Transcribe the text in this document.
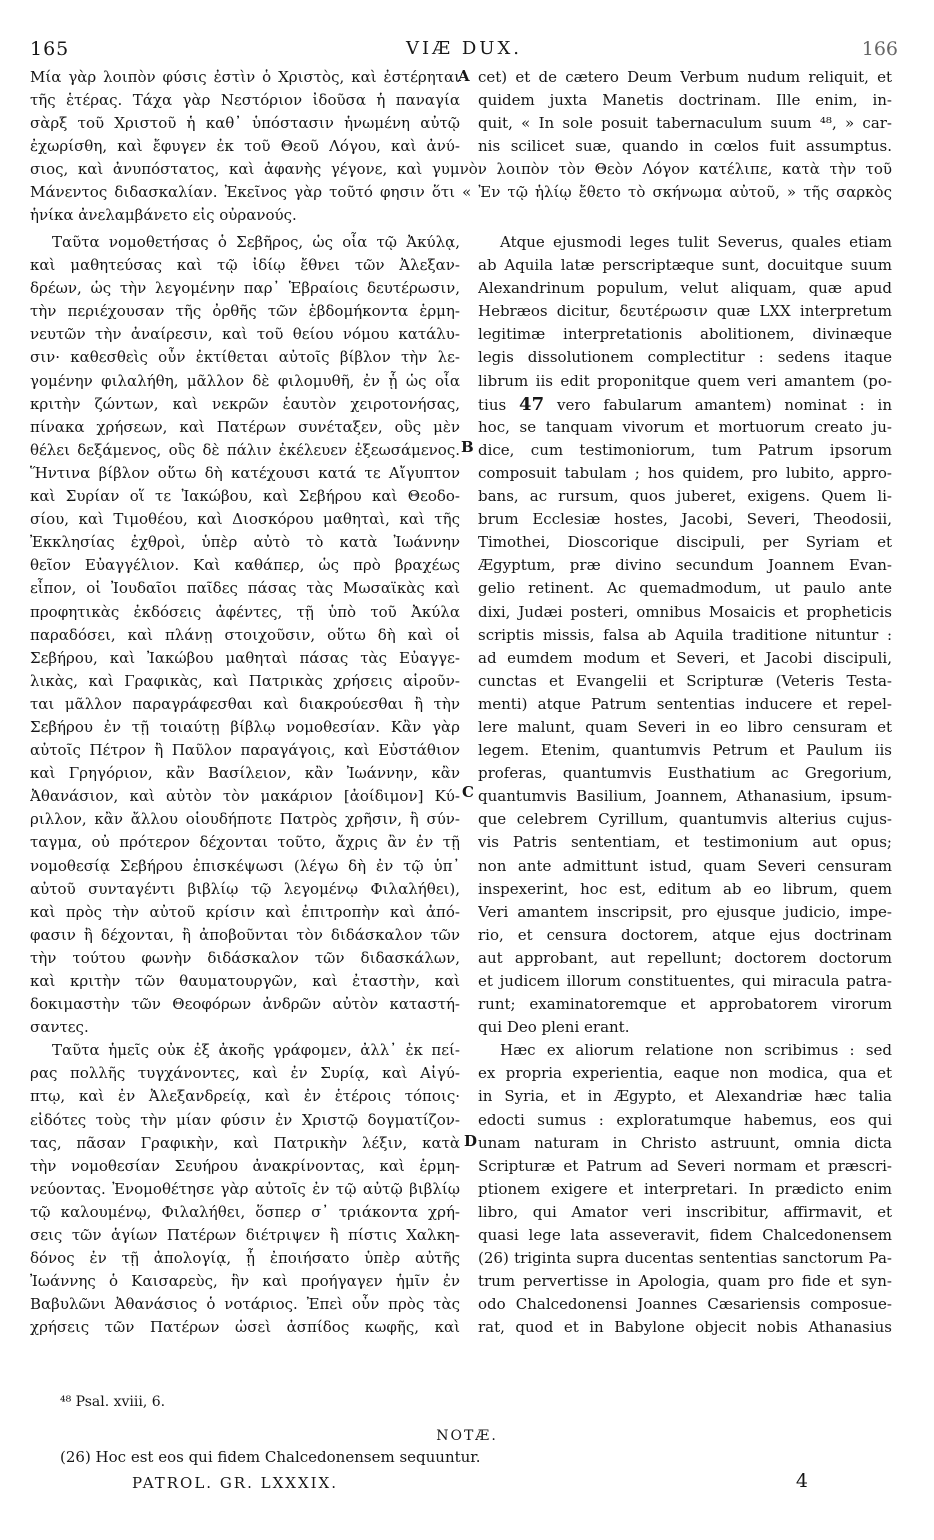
165	VIÆ DUX.	166
Μία γὰρ λοιπὸν φύσις ἐστὶν ὁ Χριστὸς, καὶ ἐστέρηται
τῆς ἑτέρας. Τάχα γὰρ Νεστόριον ἰδοῦσα ἡ παναγία
σὰρξ τοῦ Χριστοῦ ἡ καθ᾽ ὑπόστασιν ἡνωμένη αὐτῷ
ἐχωρίσθη, καὶ ἔφυγεν ἐκ τοῦ Θεοῦ Λόγου, καὶ ἀνύ-
cet) et de cætero Deum Verbum nudum reliquit, et
quidem juxta Manetis doctrinam. Ille enim, in-
quit, « In sole posuit tabernaculum suum ⁴⁸, » car-
nis scilicet suæ, quando in cœlos fuit assumptus.
A
B
C
D
σιος, καὶ ἀνυπόστατος, καὶ ἀφανὴς γέγονε, καὶ γυμνὸν λοιπὸν τὸν Θεὸν Λόγον κατέλιπε, κατὰ τὴν τοῦ
Μάνεντος διδασκαλίαν. Ἐκεῖνος γὰρ τοῦτό φησιν ὅτι « Ἐν τῷ ἡλίῳ ἔθετο τὸ σκήνωμα αὐτοῦ, » τῆς σαρκὸς
ἡνίκα ἀνελαμβάνετο εἰς οὐρανούς.
Ταῦτα νομοθετήσας ὁ Σεβῆρος, ὡς οἷα τῷ Ἀκύλᾳ,
καὶ μαθητεύσας καὶ τῷ ἰδίῳ ἔθνει τῶν Ἀλεξαν-
δρέων, ὡς τὴν λεγομένην παρ᾽ Ἑβραίοις δευτέρωσιν,
τὴν περιέχουσαν τῆς ὀρθῆς τῶν ἑβδομήκοντα ἑρμη-
νευτῶν τὴν ἀναίρεσιν, καὶ τοῦ θείου νόμου κατάλυ-
σιν· καθεσθεὶς οὖν ἐκτίθεται αὐτοῖς βίβλον τὴν λε-
γομένην φιλαλήθη, μᾶλλον δὲ φιλομυθῆ, ἐν ᾗ ὡς οἷα
κριτὴν ζώντων, καὶ νεκρῶν ἑαυτὸν χειροτονήσας,
πίνακα χρήσεων, καὶ Πατέρων συνέταξεν, οὓς μὲν
θέλει δεξάμενος, οὓς δὲ πάλιν ἐκέλευεν ἐξεωσάμενος.
Ἥντινα βίβλον οὕτω δὴ κατέχουσι κατά τε Αἴγυπτον
καὶ Συρίαν οἵ τε Ἰακώβου, καὶ Σεβήρου καὶ Θεοδο-
σίου, καὶ Τιμοθέου, καὶ Διοσκόρου μαθηταὶ, καὶ τῆς
Ἐκκλησίας ἐχθροὶ, ὑπὲρ αὐτὸ τὸ κατὰ Ἰωάννην
θεῖον Εὐαγγέλιον. Καὶ καθάπερ, ὡς πρὸ βραχέως
εἶπον, οἱ Ἰουδαῖοι παῖδες πάσας τὰς Μωσαϊκὰς καὶ
προφητικὰς ἐκδόσεις ἀφέντες, τῇ ὑπὸ τοῦ Ἀκύλα
παραδόσει, καὶ πλάνῃ στοιχοῦσιν, οὕτω δὴ καὶ οἱ
Σεβήρου, καὶ Ἰακώβου μαθηταὶ πάσας τὰς Εὐαγγε-
λικὰς, καὶ Γραφικὰς, καὶ Πατρικὰς χρήσεις αἱροῦν-
ται μᾶλλον παραγράφεσθαι καὶ διακρούεσθαι ἢ τὴν
Σεβήρου ἐν τῇ τοιαύτῃ βίβλῳ νομοθεσίαν. Κἂν γὰρ
αὐτοῖς Πέτρον ἢ Παῦλον παραγάγοις, καὶ Εὐστάθιον
καὶ Γρηγόριον, κἂν Βασίλειον, κἂν Ἰωάννην, κἂν
Ἀθανάσιον, καὶ αὐτὸν τὸν μακάριον [ἀοίδιμον] Κύ-
ριλλον, κἂν ἄλλου οἱουδήποτε Πατρὸς χρῆσιν, ἢ σύν-
ταγμα, οὐ πρότερον δέχονται τοῦτο, ἄχρις ἂν ἐν τῇ
νομοθεσίᾳ Σεβήρου ἐπισκέψωσι (λέγω δὴ ἐν τῷ ὑπ᾽
αὐτοῦ συνταγέντι βιβλίῳ τῷ λεγομένῳ Φιλαλήθει),
καὶ πρὸς τὴν αὐτοῦ κρίσιν καὶ ἐπιτροπὴν καὶ ἀπό-
φασιν ἢ δέχονται, ἢ ἀποβοῦνται τὸν διδάσκαλον τῶν
τὴν τούτου φωνὴν διδάσκαλον τῶν διδασκάλων,
καὶ κριτὴν τῶν θαυματουργῶν, καὶ ἐταστὴν, καὶ
δοκιμαστὴν τῶν Θεοφόρων ἀνδρῶν αὐτὸν καταστή-
σαντες.
Ταῦτα ἡμεῖς οὐκ ἐξ ἀκοῆς γράφομεν, ἀλλ᾽ ἐκ πεί-
ρας πολλῆς τυγχάνοντες, καὶ ἐν Συρίᾳ, καὶ Αἰγύ-
πτῳ, καὶ ἐν Ἀλεξανδρείᾳ, καὶ ἐν ἑτέροις τόποις·
εἰδότες τοὺς τὴν μίαν φύσιν ἐν Χριστῷ δογματίζον-
τας, πᾶσαν Γραφικὴν, καὶ Πατρικὴν λέξιν, κατὰ
τὴν νομοθεσίαν Σευήρου ἀνακρίνοντας, καὶ ἑρμη-
νεύοντας. Ἐνομοθέτησε γὰρ αὐτοῖς ἐν τῷ αὐτῷ βιβλίῳ
τῷ καλουμένῳ, Φιλαλήθει, ὅσπερ σ᾽ τριάκοντα χρή-
σεις τῶν ἁγίων Πατέρων διέτριψεν ἢ πίστις Χαλκη-
δόνος ἐν τῇ ἀπολογίᾳ, ᾗ ἐποιήσατο ὑπὲρ αὐτῆς
Ἰωάννης ὁ Καισαρεὺς, ἣν καὶ προήγαγεν ἡμῖν ἐν
Βαβυλῶνι Ἀθανάσιος ὁ νοτάριος. Ἐπεὶ οὖν πρὸς τὰς
χρήσεις τῶν Πατέρων ὡσεὶ ἀσπίδος κωφῆς, καὶ
Atque ejusmodi leges tulit Severus, quales etiam
ab Aquila latæ perscriptæque sunt, docuitque suum
Alexandrinum populum, velut aliquam, quæ apud
Hebræos dicitur, δευτέρωσιν quæ LXX interpretum
legitimæ interpretationis abolitionem, divinæque
legis dissolutionem complectitur : sedens itaque
librum iis edit proponitque quem veri amantem (po-
tius 47 vero fabularum amantem) nominat : in
hoc, se tanquam vivorum et mortuorum creato ju-
dice, cum testimoniorum, tum Patrum ipsorum
composuit tabulam ; hos quidem, pro lubito, appro-
bans, ac rursum, quos juberet, exigens. Quem li-
brum Ecclesiæ hostes, Jacobi, Severi, Theodosii,
Timothei, Dioscorique discipuli, per Syriam et
Ægyptum, præ divino secundum Joannem Evan-
gelio retinent. Ac quemadmodum, ut paulo ante
dixi, Judæi posteri, omnibus Mosaicis et propheticis
scriptis missis, falsa ab Aquila traditione nituntur :
ad eumdem modum et Severi, et Jacobi discipuli,
cunctas et Evangelii et Scripturæ (Veteris Testa-
menti) atque Patrum sententias inducere et repel-
lere malunt, quam Severi in eo libro censuram et
legem. Etenim, quantumvis Petrum et Paulum iis
proferas, quantumvis Eusthatium ac Gregorium,
quantumvis Basilium, Joannem, Athanasium, ipsum-
que celebrem Cyrillum, quantumvis alterius cujus-
vis Patris sententiam, et testimonium aut opus;
non ante admittunt istud, quam Severi censuram
inspexerint, hoc est, editum ab eo librum, quem
Veri amantem inscripsit, pro ejusque judicio, impe-
rio, et censura doctorem, atque ejus doctrinam
aut approbant, aut repellunt; doctorem doctorum
et judicem illorum constituentes, qui miracula patra-
runt; examinatoremque et approbatorem virorum
qui Deo pleni erant.
Hæc ex aliorum relatione non scribimus : sed
ex propria experientia, eaque non modica, qua et
in Syria, et in Ægypto, et Alexandriæ hæc talia
edocti sumus : exploratumque habemus, eos qui
unam naturam in Christo astruunt, omnia dicta
Scripturæ et Patrum ad Severi normam et præscri-
ptionem exigere et interpretari. In prædicto enim
libro, qui Amator veri inscribitur, affirmavit, et
quasi lege lata asseveravit, fidem Chalcedonensem
(26) triginta supra ducentas sententias sanctorum Pa-
trum pervertisse in Apologia, quam pro fide et syn-
odo Chalcedonensi Joannes Cæsariensis composue-
rat, quod et in Babylone objecit nobis Athanasius
⁴⁸ Psal. xviii, 6.
NOTÆ.
(26) Hoc est eos qui fidem Chalcedonensem sequuntur.
PATROL. GR. LXXXIX.	4
